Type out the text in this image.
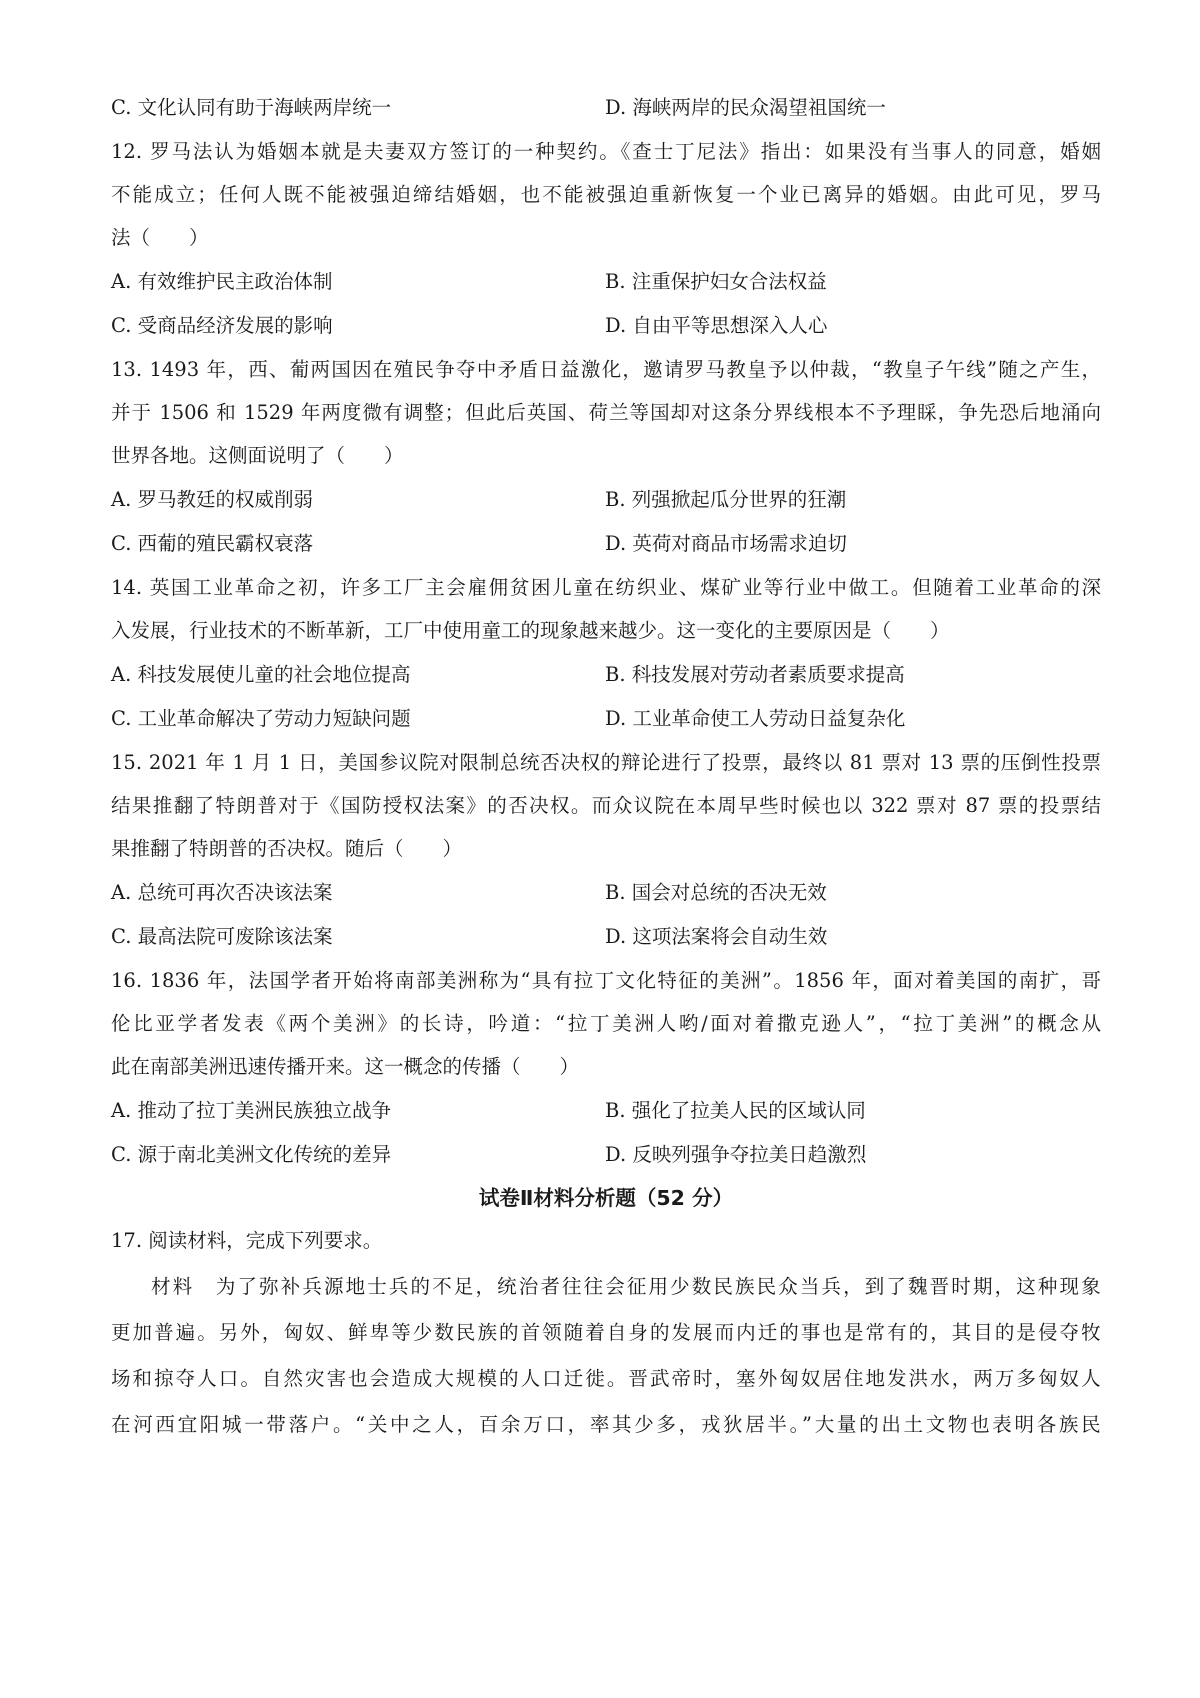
C. 文化认同有助于海峡两岸统一	D. 海峡两岸的民众渴望祖国统一
12. 罗马法认为婚姻本就是夫妻双方签订的一种契约。《查士丁尼法》指出：如果没有当事人的同意，婚姻
不能成立；任何人既不能被强迫缔结婚姻，也不能被强迫重新恢复一个业已离异的婚姻。由此可见，罗马
法（　　）
A. 有效维护民主政治体制	B. 注重保护妇女合法权益
C. 受商品经济发展的影响	D. 自由平等思想深入人心
13. 1493 年，西、葡两国因在殖民争夺中矛盾日益激化，邀请罗马教皇予以仲裁，“教皇子午线”随之产生，
并于 1506 和 1529 年两度微有调整；但此后英国、荷兰等国却对这条分界线根本不予理睬，争先恐后地涌向
世界各地。这侧面说明了（　　）
A. 罗马教廷的权威削弱	B. 列强掀起瓜分世界的狂潮
C. 西葡的殖民霸权衰落	D. 英荷对商品市场需求迫切
14. 英国工业革命之初，许多工厂主会雇佣贫困儿童在纺织业、煤矿业等行业中做工。但随着工业革命的深
入发展，行业技术的不断革新，工厂中使用童工的现象越来越少。这一变化的主要原因是（　　）
A. 科技发展使儿童的社会地位提高	B. 科技发展对劳动者素质要求提高
C. 工业革命解决了劳动力短缺问题	D. 工业革命使工人劳动日益复杂化
15. 2021 年 1 月 1 日，美国参议院对限制总统否决权的辩论进行了投票，最终以 81 票对 13 票的压倒性投票
结果推翻了特朗普对于《国防授权法案》的否决权。而众议院在本周早些时候也以 322 票对 87 票的投票结
果推翻了特朗普的否决权。随后（　　）
A. 总统可再次否决该法案	B. 国会对总统的否决无效
C. 最高法院可废除该法案	D. 这项法案将会自动生效
16. 1836 年，法国学者开始将南部美洲称为“具有拉丁文化特征的美洲”。1856 年，面对着美国的南扩，哥
伦比亚学者发表《两个美洲》的长诗，吟道：“拉丁美洲人哟/面对着撒克逊人”，“拉丁美洲”的概念从
此在南部美洲迅速传播开来。这一概念的传播（　　）
A. 推动了拉丁美洲民族独立战争	B. 强化了拉美人民的区域认同
C. 源于南北美洲文化传统的差异	D. 反映列强争夺拉美日趋激烈
试卷Ⅱ材料分析题（52 分）
17. 阅读材料，完成下列要求。
材料　为了弥补兵源地士兵的不足，统治者往往会征用少数民族民众当兵，到了魏晋时期，这种现象
更加普遍。另外，匈奴、鲜卑等少数民族的首领随着自身的发展而内迁的事也是常有的，其目的是侵夺牧
场和掠夺人口。自然灾害也会造成大规模的人口迁徙。晋武帝时，塞外匈奴居住地发洪水，两万多匈奴人
在河西宜阳城一带落户。“关中之人，百余万口，率其少多，戎狄居半。”大量的出土文物也表明各族民
